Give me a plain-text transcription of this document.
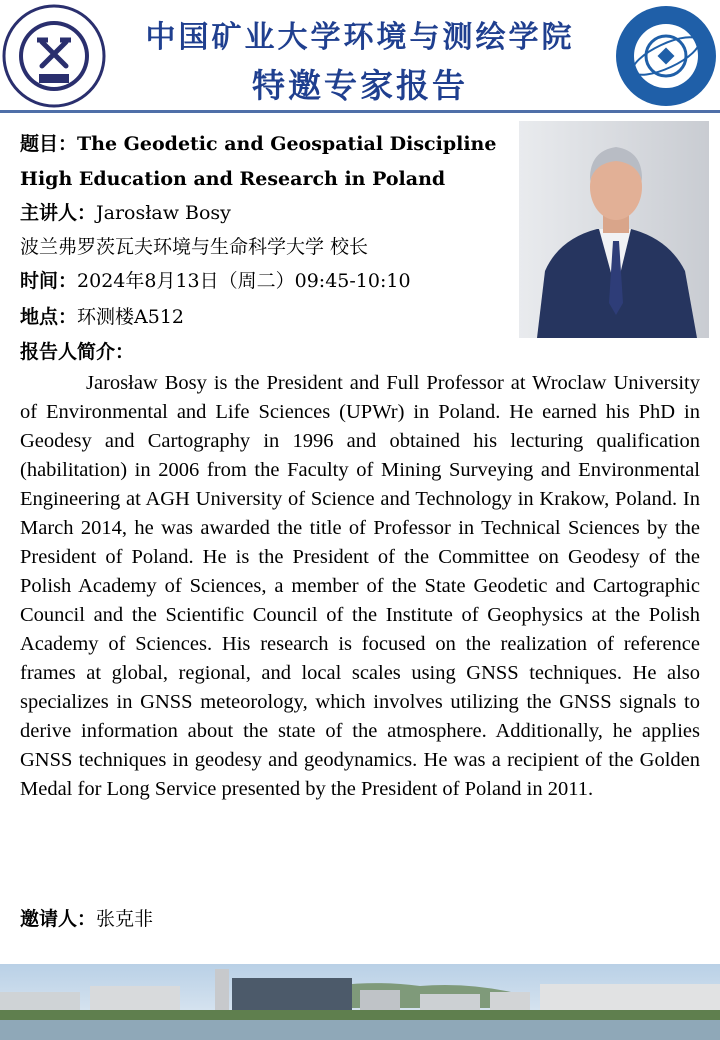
中国矿业大学环境与测绘学院
特邀专家报告
题目：The Geodetic and Geospatial Discipline
High Education and Research in Poland
主讲人：Jarosław Bosy
波兰弗罗茨瓦夫环境与生命科学大学 校长
时间：2024年8月13日（周二）09:45-10:10
地点：环测楼A512
报告人简介：

Jarosław Bosy is the President and Full Professor at Wroclaw University of Environmental and Life Sciences (UPWr) in Poland. He earned his PhD in Geodesy and Cartography in 1996 and obtained his lecturing qualification (habilitation) in 2006 from the Faculty of Mining Surveying and Environmental Engineering at AGH University of Science and Technology in Krakow, Poland. In March 2014, he was awarded the title of Professor in Technical Sciences by the President of Poland. He is the President of the Committee on Geodesy of the Polish Academy of Sciences, a member of the State Geodetic and Cartographic Council and the Scientific Council of the Institute of Geophysics at the Polish Academy of Sciences. His research is focused on the realization of reference frames at global, regional, and local scales using GNSS techniques. He also specializes in GNSS meteorology, which involves utilizing the GNSS signals to derive information about the state of the atmosphere. Additionally, he applies GNSS techniques in geodesy and geodynamics. He was a recipient of the Golden Medal for Long Service presented by the President of Poland in 2011.

邀请人：张克非
